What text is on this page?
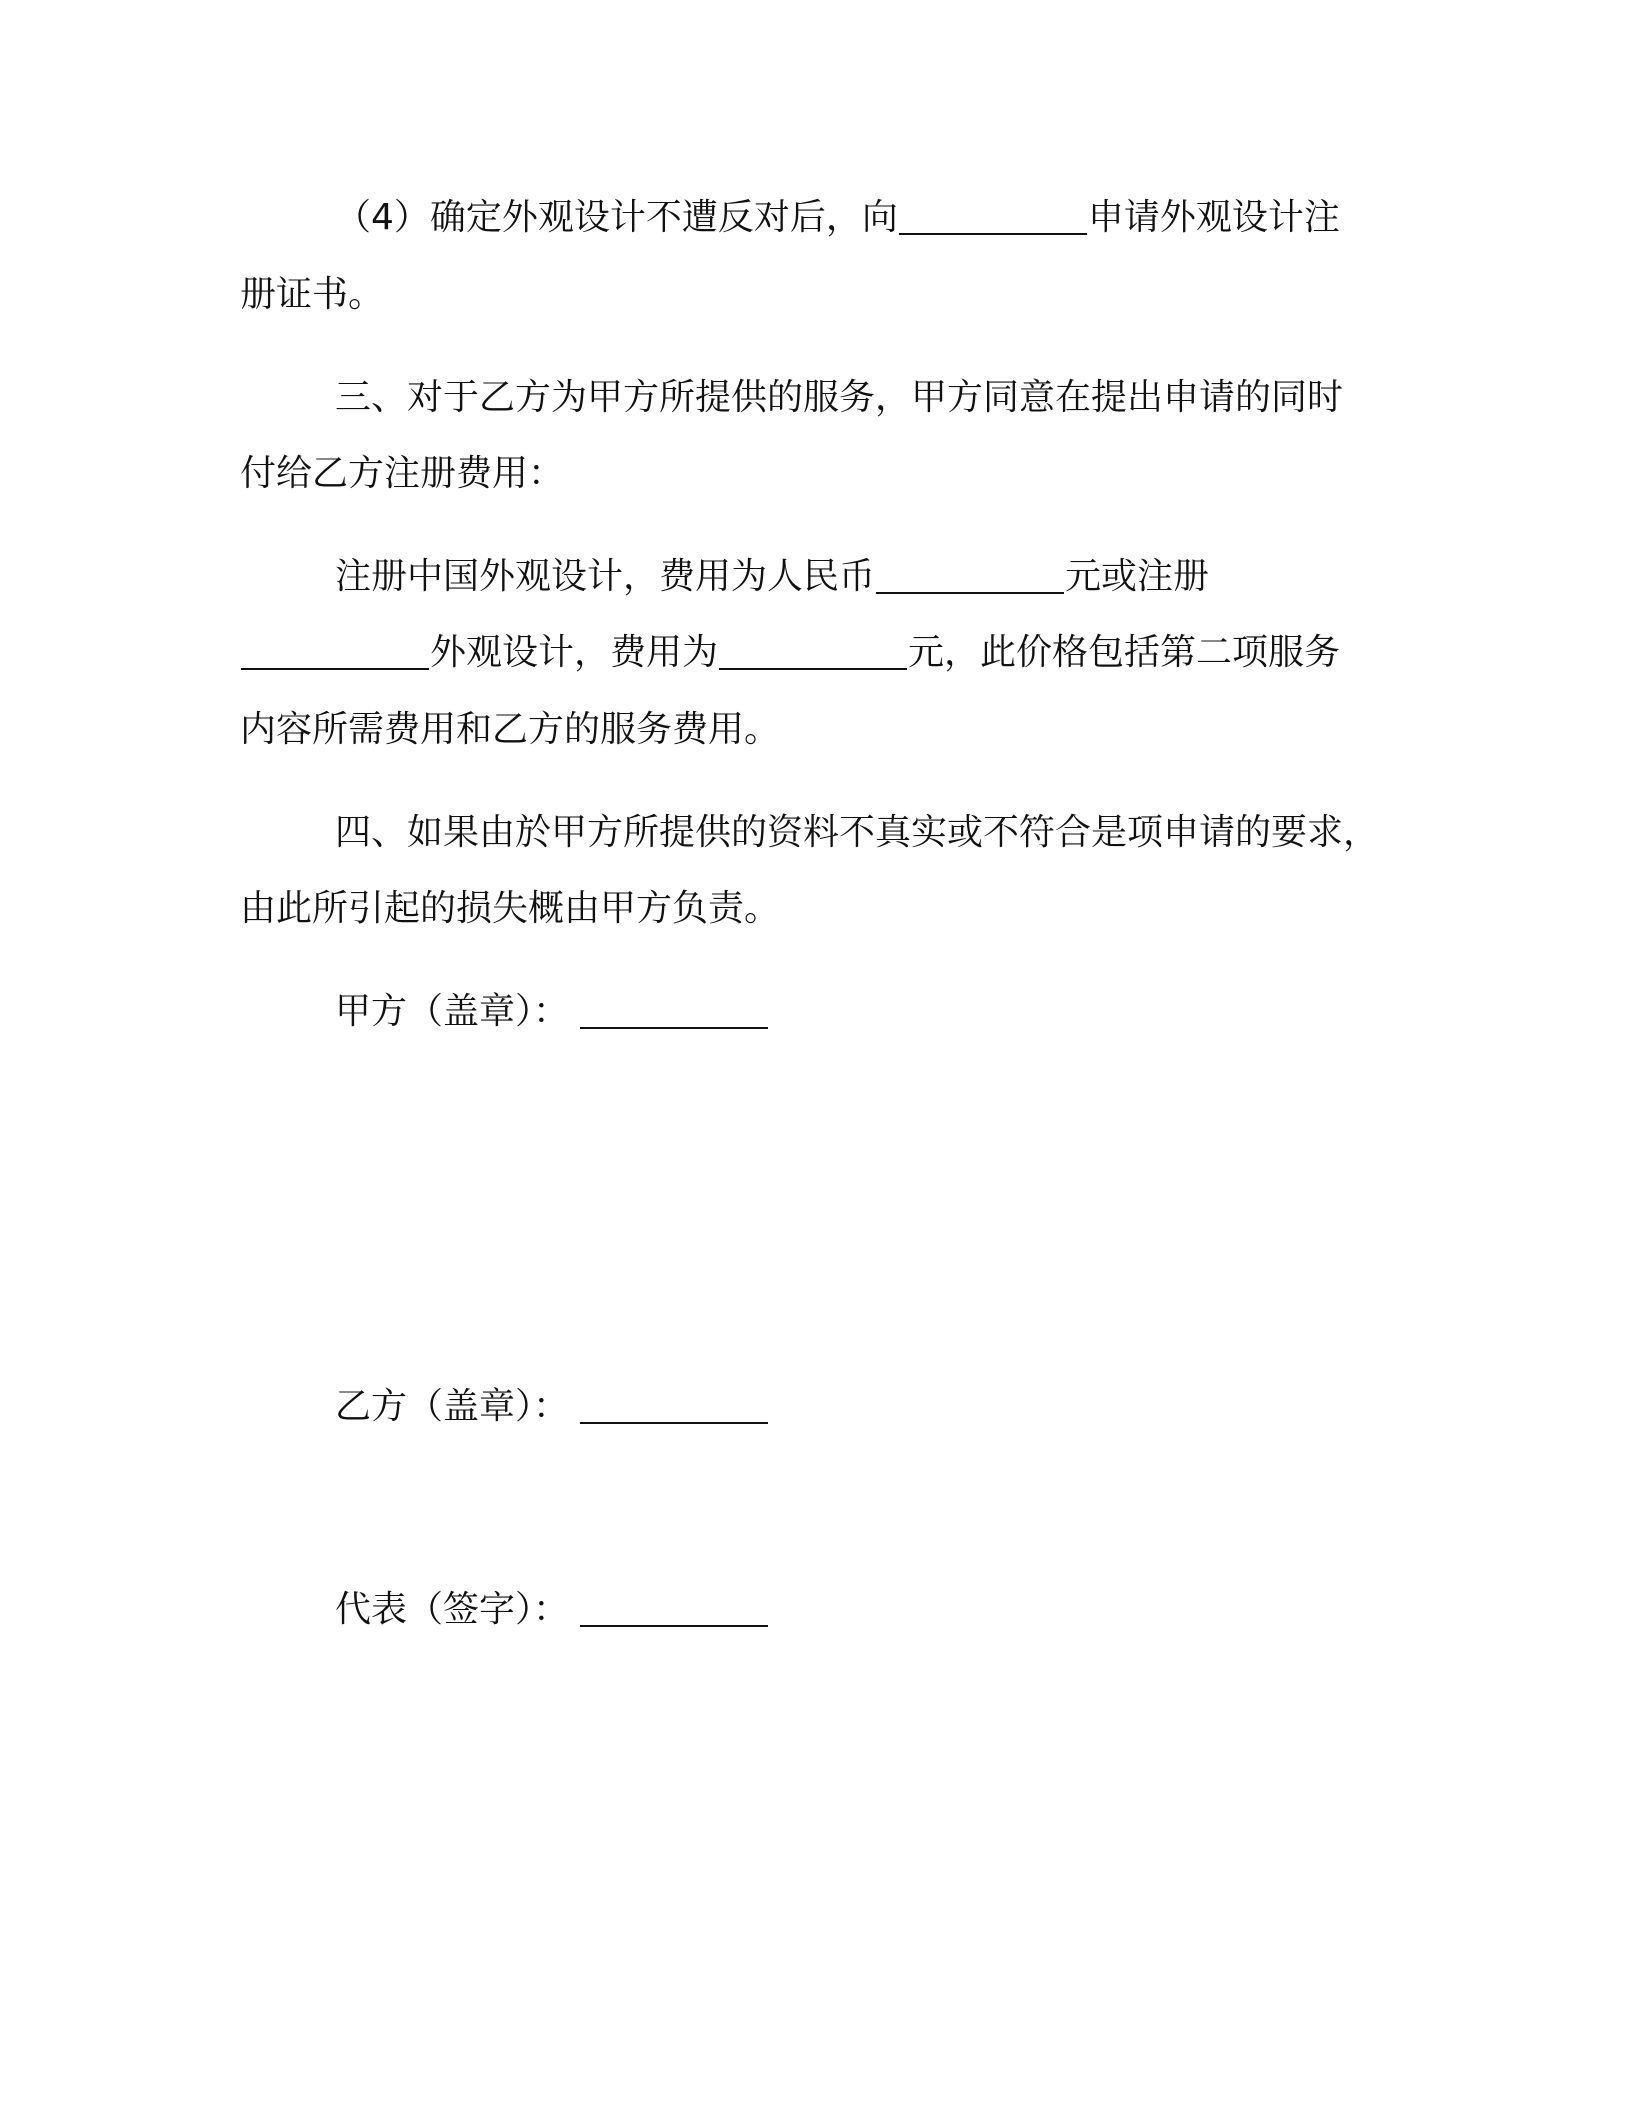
（4）确定外观设计不遭反对后，向	申请外观设计注
册证书。
三、对于乙方为甲方所提供的服务，甲方同意在提出申请的同时
付给乙方注册费用：
注册中国外观设计，费用为人民币	元或注册
外观设计，费用为	元，此价格包括第二项服务
内容所需费用和乙方的服务费用。
四、如果由於甲方所提供的资料不真实或不符合是项申请的要求，
由此所引起的损失概由甲方负责。
甲方（盖章）：
乙方（盖章）：
代表（签字）：
